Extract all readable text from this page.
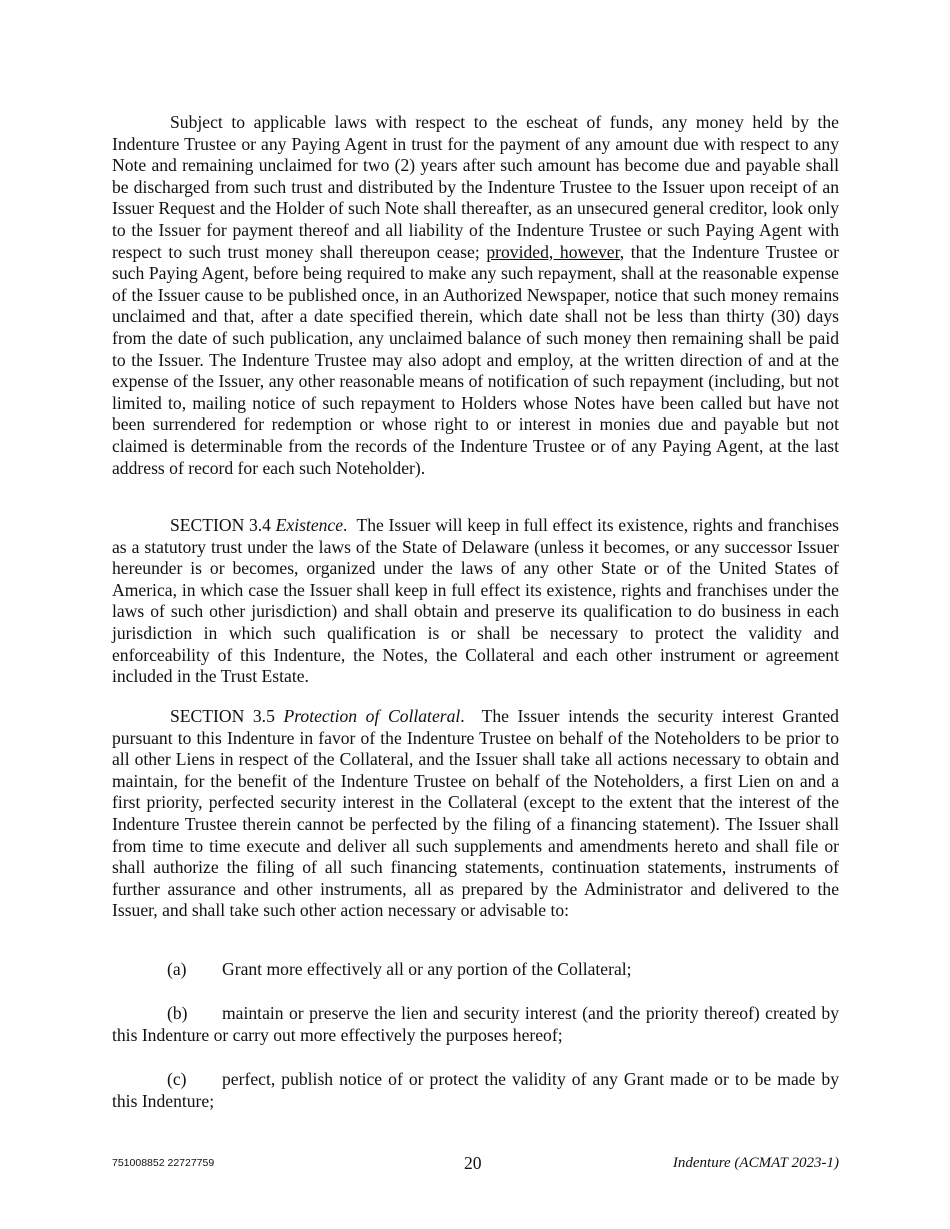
Subject to applicable laws with respect to the escheat of funds, any money held by the Indenture Trustee or any Paying Agent in trust for the payment of any amount due with respect to any Note and remaining unclaimed for two (2) years after such amount has become due and payable shall be discharged from such trust and distributed by the Indenture Trustee to the Issuer upon receipt of an Issuer Request and the Holder of such Note shall thereafter, as an unsecured general creditor, look only to the Issuer for payment thereof and all liability of the Indenture Trustee or such Paying Agent with respect to such trust money shall thereupon cease; provided, however, that the Indenture Trustee or such Paying Agent, before being required to make any such repayment, shall at the reasonable expense of the Issuer cause to be published once, in an Authorized Newspaper, notice that such money remains unclaimed and that, after a date specified therein, which date shall not be less than thirty (30) days from the date of such publication, any unclaimed balance of such money then remaining shall be paid to the Issuer. The Indenture Trustee may also adopt and employ, at the written direction of and at the expense of the Issuer, any other reasonable means of notification of such repayment (including, but not limited to, mailing notice of such repayment to Holders whose Notes have been called but have not been surrendered for redemption or whose right to or interest in monies due and payable but not claimed is determinable from the records of the Indenture Trustee or of any Paying Agent, at the last address of record for each such Noteholder).

SECTION 3.4 Existence.  The Issuer will keep in full effect its existence, rights and franchises as a statutory trust under the laws of the State of Delaware (unless it becomes, or any successor Issuer hereunder is or becomes, organized under the laws of any other State or of the United States of America, in which case the Issuer shall keep in full effect its existence, rights and franchises under the laws of such other jurisdiction) and shall obtain and preserve its qualification to do business in each jurisdiction in which such qualification is or shall be necessary to protect the validity and enforceability of this Indenture, the Notes, the Collateral and each other instrument or agreement included in the Trust Estate.

SECTION 3.5 Protection of Collateral.  The Issuer intends the security interest Granted pursuant to this Indenture in favor of the Indenture Trustee on behalf of the Noteholders to be prior to all other Liens in respect of the Collateral, and the Issuer shall take all actions necessary to obtain and maintain, for the benefit of the Indenture Trustee on behalf of the Noteholders, a first Lien on and a first priority, perfected security interest in the Collateral (except to the extent that the interest of the Indenture Trustee therein cannot be perfected by the filing of a financing statement). The Issuer shall from time to time execute and deliver all such supplements and amendments hereto and shall file or shall authorize the filing of all such financing statements, continuation statements, instruments of further assurance and other instruments, all as prepared by the Administrator and delivered to the Issuer, and shall take such other action necessary or advisable to:

(a) Grant more effectively all or any portion of the Collateral;

(b) maintain or preserve the lien and security interest (and the priority thereof) created by this Indenture or carry out more effectively the purposes hereof;

(c) perfect, publish notice of or protect the validity of any Grant made or to be made by this Indenture;

751008852 22727759	20	Indenture (ACMAT 2023-1)
